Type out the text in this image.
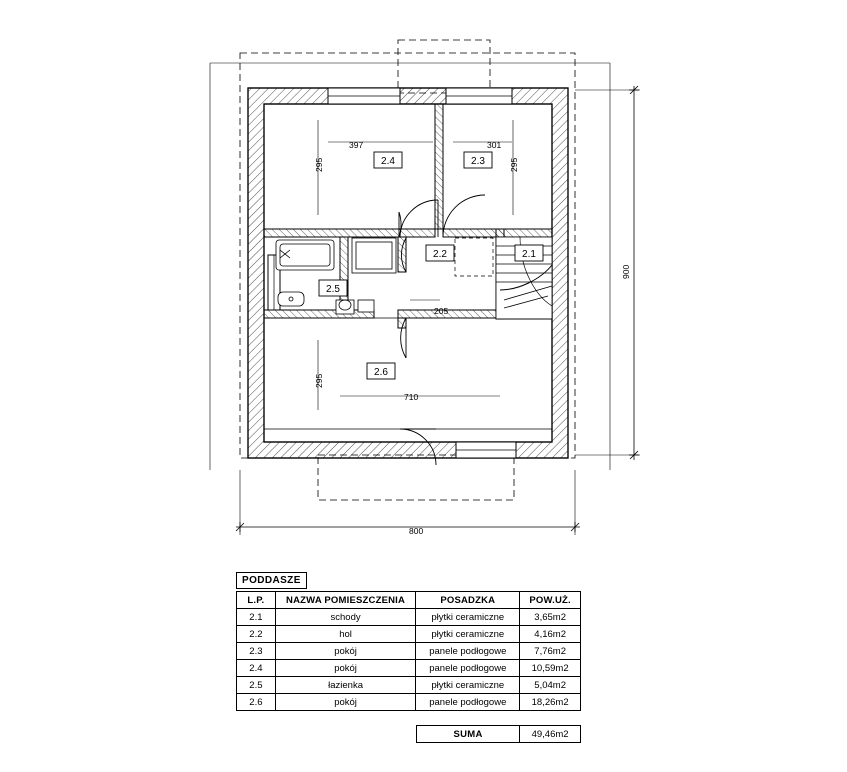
397	301
295	295
295
710
205
800
900
2.4	2.3
2.2	2.1
2.5
2.6
PODDASZE
L.P.	NAZWA POMIESZCZENIA	POSADZKA	POW.UŻ.
2.1	schody	płytki ceramiczne	3,65m2
2.2	hol	płytki ceramiczne	4,16m2
2.3	pokój	panele podłogowe	7,76m2
2.4	pokój	panele podłogowe	10,59m2
2.5	łazienka	płytki ceramiczne	5,04m2
2.6	pokój	panele podłogowe	18,26m2
SUMA	49,46m2
